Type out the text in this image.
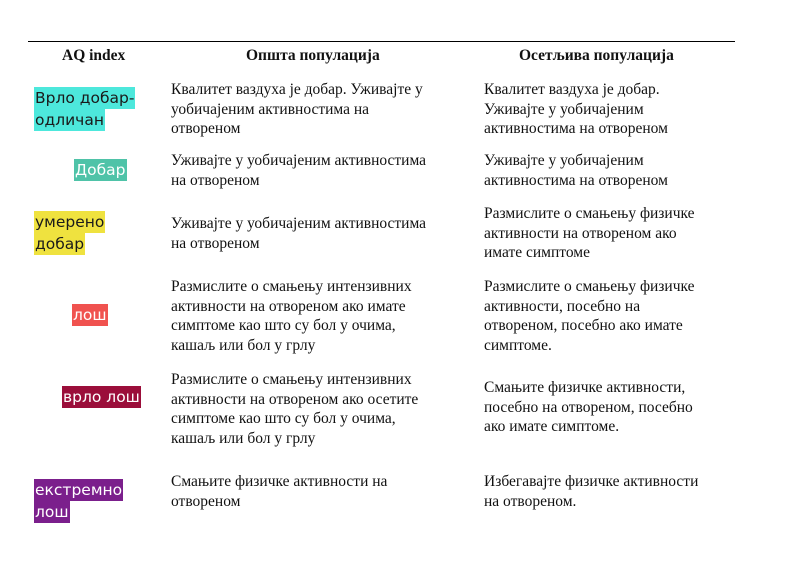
AQ index	Општа популација	Осетљива популација
Врло добар-
одличан
Квалитет ваздуха је добар. Уживајте у
уобичајеним активностима на
отвореном
Квалитет ваздуха је добар.
Уживајте у уобичајеним
активностима на отвореном
Добар
Уживајте у уобичајеним активностима
на отвореном
Уживајте у уобичајеним
активностима на отвореном
умерено
добар
Уживајте у уобичајеним активностима
на отвореном
Размислите о смањењу физичке
активности на отвореном ако
имате симптоме
лош
Размислите о смањењу интензивних
активности на отвореном ако имате
симптоме као што су бол у очима,
кашаљ или бол у грлу
Размислите о смањењу физичке
активности, посебно на
отвореном, посебно ако имате
симптоме.
врло лош
Размислите о смањењу интензивних
активности на отвореном ако осетите
симптоме као што су бол у очима,
кашаљ или бол у грлу
Смањите физичке активности,
посебно на отвореном, посебно
ако имате симптоме.
екстремно
лош
Смањите физичке активности на
отвореном
Избегавајте физичке активности
на отвореном.
